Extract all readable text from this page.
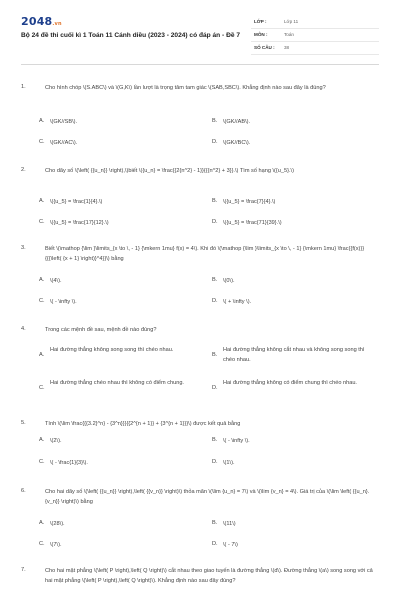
2048.vn
Bộ 24 đề thi cuối kì 1 Toán 11 Cánh diều (2023 - 2024) có đáp án - Đề 7
LỚP :	Lớp 11
MÔN :	Toán
SỐ CÂU : 38
1.	Cho hình chóp \(S.ABC\) và \(G,K\) lần lượt là trọng tâm tam giác \(SAB,SBC\). Khẳng định nào sau đây là đúng?
A. \(GK//SB\).	B. \(GK//AB\).
C. \(GK//AC\).	D. \(GK//BC\).
2.	Cho dãy số \(\left( {{u_n}} \right),\)biết \({u_n} = \frac{{2{n^2} - 1}}{{{n^2} + 3}}.\) Tìm số hạng \({u_5}.\)
A. \({u_5} = \frac{1}{4}.\)	B. \({u_5} = \frac{7}{4}.\)
C. \({u_5} = \frac{17}{12}.\)	D. \({u_5} = \frac{71}{39}.\)
3.	Biết \(\mathop {\lim }\limits_{x \to \, - 1} {\mkern 1mu} f(x) = 4\). Khi đó \(\mathop {\lim }\limits_{x \to \, - 1} {\mkern 1mu} \frac{{f(x)}}{{{\left( {x + 1} \right)}^4}}\) bằng
A. \(4\).	B. \(0\).
C. \( - \infty \).	D. \( + \infty \).
4.	Trong các mệnh đề sau, mệnh đề nào đúng?
A.
Hai đường thẳng không song song thì chéo nhau.
B.
Hai đường thẳng không cắt nhau và không song song thì chéo nhau.
C.
Hai đường thẳng chéo nhau thì không có điểm chung.
D.
Hai đường thẳng không có điểm chung thì chéo nhau.
5.	Tính \(\lim \frac{{{3.2}^n} - {3^n}}}{{2^{n + 1}} + {3^{n + 1}}}\) được kết quả bằng
A. \(2\).	B. \( - \infty \).
C. \( - \frac{1}{3}\).	D. \(1\).
6.	Cho hai dãy số \(\left( {{u_n}} \right),\left( {{v_n}} \right)\) thỏa mãn \(\lim {u_n} = 7\) và \(\lim {v_n} = 4\). Giá trị của \(\lim \left( {{u_n}.{v_n}} \right)\) bằng
A. \(28\).	B. \(11\)
C. \(7\).	D. \( - 7\)
7.	Cho hai mặt phẳng \(\left( P \right),\left( Q \right)\) cắt nhau theo giao tuyến là đường thẳng \(d\). Đường thẳng \(a\) song song với cả hai mặt phẳng \(\left( P \right),\left( Q \right)\). Khẳng định nào sau đây đúng?
